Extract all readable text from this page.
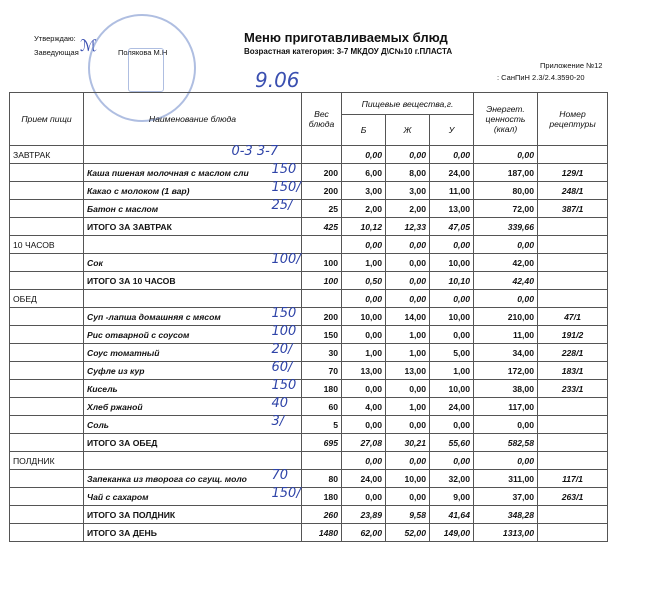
Утверждаю:
Заведующая	Полякова М.Н
ℳ	Меню приготавливаемых блюд
Возрастная категория: 3-7 МКДОУ Д\С№10 г.ПЛАСТА
Приложение №12
: СанПиН 2.3/2.4.3590-20
9.06
Прием пищи	Наименование блюда	Вес блюда	Пищевые вещества,г.			Энергет. ценность (ккал)	Номер рецептуры
			Б	Ж	У		
ЗАВТРАК			0,00	0,00	0,00	0,00	
	Каша пшеная молочная с маслом сли	200	6,00	8,00	24,00	187,00	129/1
	Какао с молоком (1 вар)	200	3,00	3,00	11,00	80,00	248/1
	Батон с маслом	25	2,00	2,00	13,00	72,00	387/1
	ИТОГО ЗА ЗАВТРАК	425	10,12	12,33	47,05	339,66	
10 ЧАСОВ			0,00	0,00	0,00	0,00	
	Сок	100	1,00	0,00	10,00	42,00	
	ИТОГО ЗА 10 ЧАСОВ	100	0,50	0,00	10,10	42,40	
ОБЕД			0,00	0,00	0,00	0,00	
	Суп -лапша домашняя с мясом	200	10,00	14,00	10,00	210,00	47/1
	Рис отварной с соусом	150	0,00	1,00	0,00	11,00	191/2
	Соус томатный	30	1,00	1,00	5,00	34,00	228/1
	Суфле из кур	70	13,00	13,00	1,00	172,00	183/1
	Кисель	180	0,00	0,00	10,00	38,00	233/1
	Хлеб ржаной	60	4,00	1,00	24,00	117,00	
	Соль	5	0,00	0,00	0,00	0,00	
	ИТОГО ЗА ОБЕД	695	27,08	30,21	55,60	582,58	
ПОЛДНИК			0,00	0,00	0,00	0,00	
	Запеканка из творога со сгущ. моло	80	24,00	10,00	32,00	311,00	117/1
	Чай с сахаром	180	0,00	0,00	9,00	37,00	263/1
	ИТОГО ЗА ПОЛДНИК	260	23,89	9,58	41,64	348,28	
	ИТОГО ЗА ДЕНЬ	1480	62,00	52,00	149,00	1313,00	
0-3 3-7
150
150/
25/
100/
150
100
20/
60/
150
40
3/
70
150/
